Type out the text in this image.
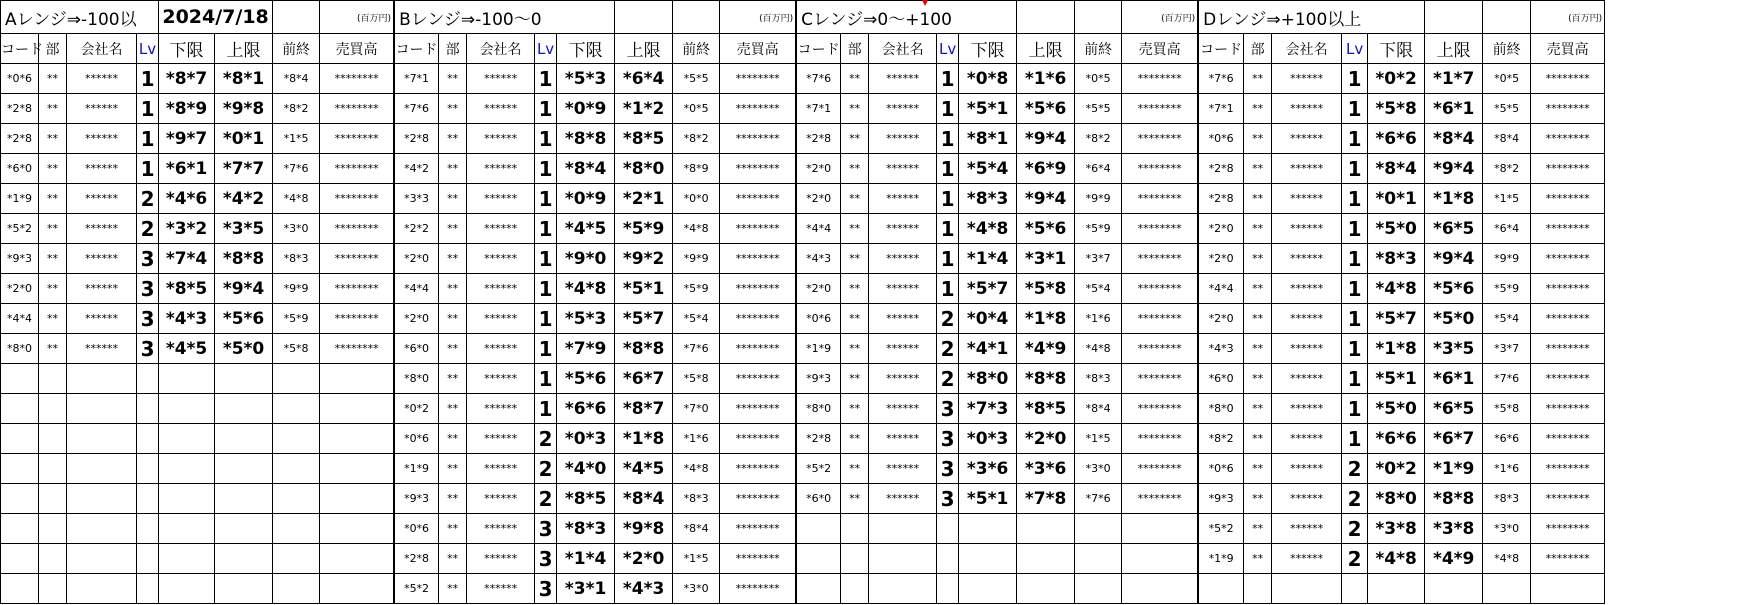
Aレンジ⇒-100以				2024/7/18			(百万円)
コード	部	会社名	Lv	下限	上限	前終	売買高
*0*6	**	******	1	*8*7	*8*1	*8*4	********
*2*8	**	******	1	*8*9	*9*8	*8*2	********
*2*8	**	******	1	*9*7	*0*1	*1*5	********
*6*0	**	******	1	*6*1	*7*7	*7*6	********
*1*9	**	******	2	*4*6	*4*2	*4*8	********
*5*2	**	******	2	*3*2	*3*5	*3*0	********
*9*3	**	******	3	*7*4	*8*8	*8*3	********
*2*0	**	******	3	*8*5	*9*4	*9*9	********
*4*4	**	******	3	*4*3	*5*6	*5*9	********
*8*0	**	******	3	*4*5	*5*0	*5*8	********

Bレンジ⇒-100〜0							(百万円)
コード	部	会社名	Lv	下限	上限	前終	売買高
*7*1	**	******	1	*5*3	*6*4	*5*5	********
*7*6	**	******	1	*0*9	*1*2	*0*5	********
*2*8	**	******	1	*8*8	*8*5	*8*2	********
*4*2	**	******	1	*8*4	*8*0	*8*9	********
*3*3	**	******	1	*0*9	*2*1	*0*0	********
*2*2	**	******	1	*4*5	*5*9	*4*8	********
*2*0	**	******	1	*9*0	*9*2	*9*9	********
*4*4	**	******	1	*4*8	*5*1	*5*9	********
*2*0	**	******	1	*5*3	*5*7	*5*4	********
*6*0	**	******	1	*7*9	*8*8	*7*6	********
*8*0	**	******	1	*5*6	*6*7	*5*8	********
*0*2	**	******	1	*6*6	*8*7	*7*0	********
*0*6	**	******	2	*0*3	*1*8	*1*6	********
*1*9	**	******	2	*4*0	*4*5	*4*8	********
*9*3	**	******	2	*8*5	*8*4	*8*3	********
*0*6	**	******	3	*8*3	*9*8	*8*4	********
*2*8	**	******	3	*1*4	*2*0	*1*5	********
*5*2	**	******	3	*3*1	*4*3	*3*0	********
Cレンジ⇒0〜+100							(百万円)
コード	部	会社名	Lv	下限	上限	前終	売買高
*7*6	**	******	1	*0*8	*1*6	*0*5	********
*7*1	**	******	1	*5*1	*5*6	*5*5	********
*2*8	**	******	1	*8*1	*9*4	*8*2	********
*2*0	**	******	1	*5*4	*6*9	*6*4	********
*2*0	**	******	1	*8*3	*9*4	*9*9	********
*4*4	**	******	1	*4*8	*5*6	*5*9	********
*4*3	**	******	1	*1*4	*3*1	*3*7	********
*2*0	**	******	1	*5*7	*5*8	*5*4	********
*0*6	**	******	2	*0*4	*1*8	*1*6	********
*1*9	**	******	2	*4*1	*4*9	*4*8	********
*9*3	**	******	2	*8*0	*8*8	*8*3	********
*8*0	**	******	3	*7*3	*8*5	*8*4	********
*2*8	**	******	3	*0*3	*2*0	*1*5	********
*5*2	**	******	3	*3*6	*3*6	*3*0	********
*6*0	**	******	3	*5*1	*7*8	*7*6	********

Dレンジ⇒+100以上							(百万円)
コード	部	会社名	Lv	下限	上限	前終	売買高
*7*6	**	******	1	*0*2	*1*7	*0*5	********
*7*1	**	******	1	*5*8	*6*1	*5*5	********
*0*6	**	******	1	*6*6	*8*4	*8*4	********
*2*8	**	******	1	*8*4	*9*4	*8*2	********
*2*8	**	******	1	*0*1	*1*8	*1*5	********
*2*0	**	******	1	*5*0	*6*5	*6*4	********
*2*0	**	******	1	*8*3	*9*4	*9*9	********
*4*4	**	******	1	*4*8	*5*6	*5*9	********
*2*0	**	******	1	*5*7	*5*0	*5*4	********
*4*3	**	******	1	*1*8	*3*5	*3*7	********
*6*0	**	******	1	*5*1	*6*1	*7*6	********
*8*0	**	******	1	*5*0	*6*5	*5*8	********
*8*2	**	******	1	*6*6	*6*7	*6*6	********
*0*6	**	******	2	*0*2	*1*9	*1*6	********
*9*3	**	******	2	*8*0	*8*8	*8*3	********
*5*2	**	******	2	*3*8	*3*8	*3*0	********
*1*9	**	******	2	*4*8	*4*9	*4*8	********
